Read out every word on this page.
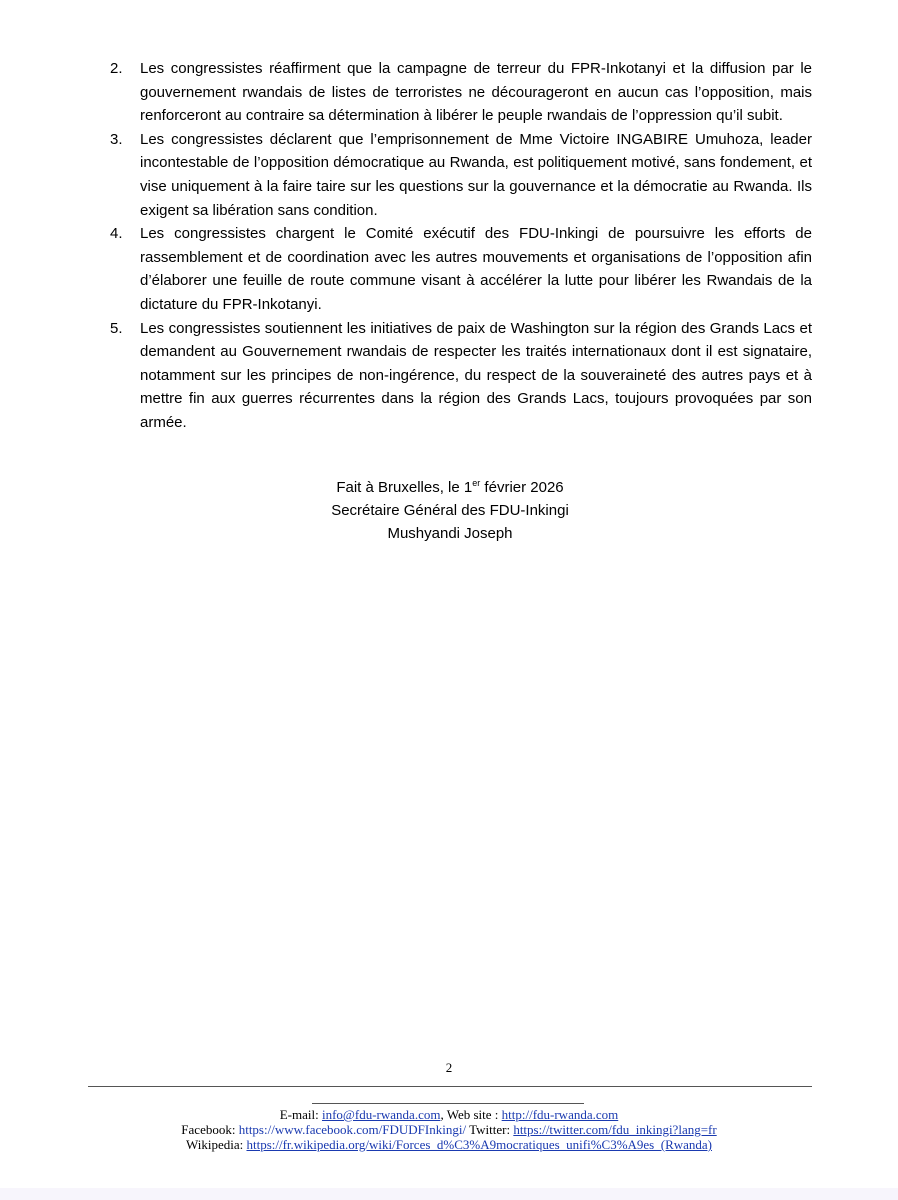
2. Les congressistes réaffirment que la campagne de terreur du FPR-Inkotanyi et la diffusion par le gouvernement rwandais de listes de terroristes ne décourageront en aucun cas l’opposition, mais renforceront au contraire sa détermination à libérer le peuple rwandais de l’oppression qu’il subit.
3. Les congressistes déclarent que l’emprisonnement de Mme Victoire INGABIRE Umuhoza, leader incontestable de l’opposition démocratique au Rwanda, est politiquement motivé, sans fondement, et vise uniquement à la faire taire sur les questions sur la gouvernance et la démocratie au Rwanda. Ils exigent sa libération sans condition.
4. Les congressistes chargent le Comité exécutif des FDU-Inkingi de poursuivre les efforts de rassemblement et de coordination avec les autres mouvements et organisations de l’opposition afin d’élaborer une feuille de route commune visant à accélérer la lutte pour libérer les Rwandais de la dictature du FPR-Inkotanyi.
5. Les congressistes soutiennent les initiatives de paix de Washington sur la région des Grands Lacs et demandent au Gouvernement rwandais de respecter les traités internationaux dont il est signataire, notamment sur les principes de non-ingérence, du respect de la souveraineté des autres pays et à mettre fin aux guerres récurrentes dans la région des Grands Lacs, toujours provoquées par son armée.
Fait à Bruxelles, le 1er février 2026
Secrétaire Général des FDU-Inkingi
Mushyandi Joseph
2
E-mail: info@fdu-rwanda.com, Web site : http://fdu-rwanda.com
Facebook: https://www.facebook.com/FDUDFInkingi/ Twitter: https://twitter.com/fdu_inkingi?lang=fr
Wikipedia: https://fr.wikipedia.org/wiki/Forces_d%C3%A9mocratiques_unifi%C3%A9es_(Rwanda)
